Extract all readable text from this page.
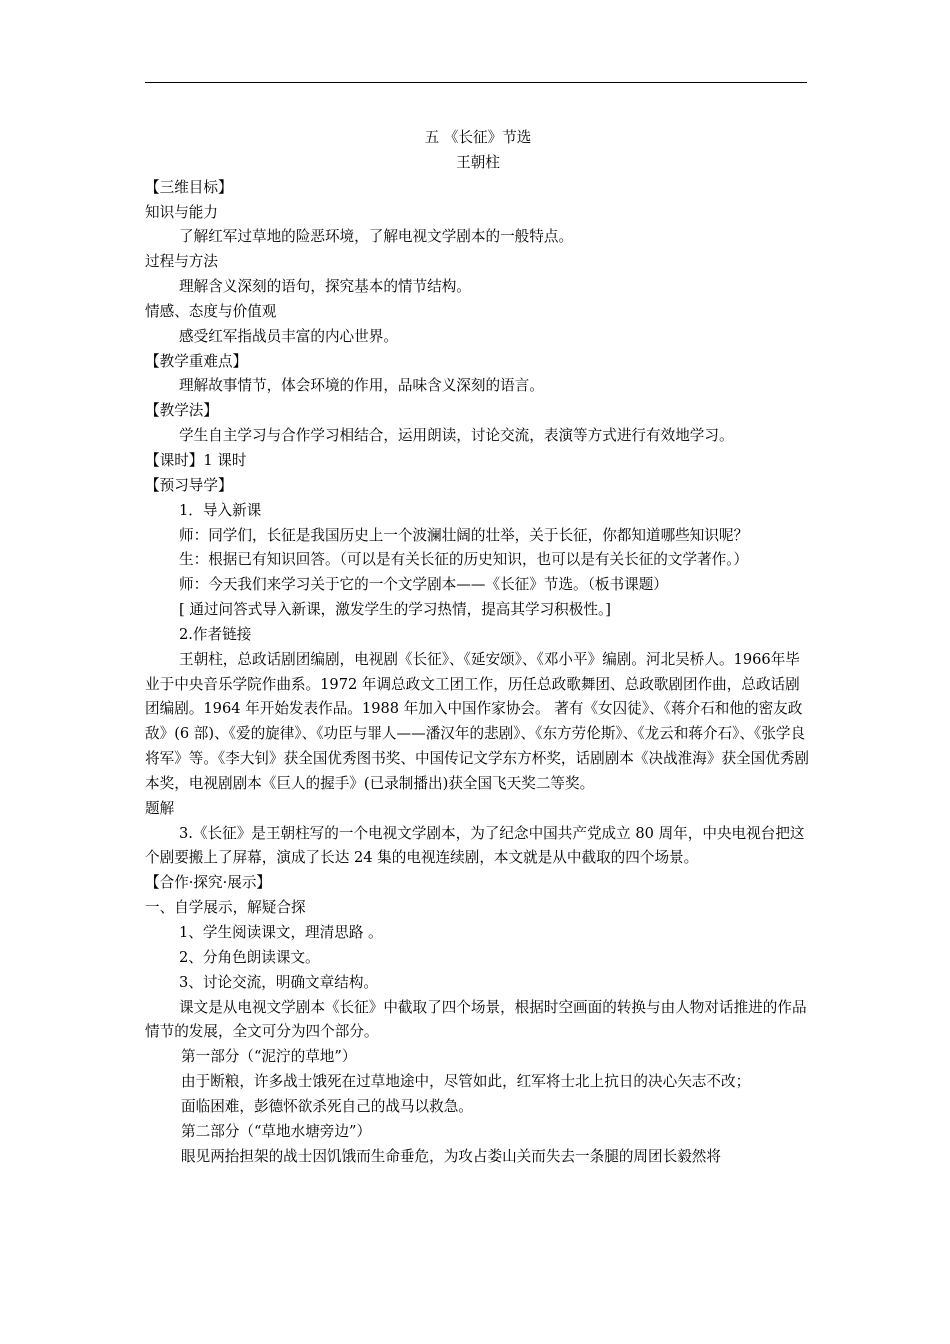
五 《长征》节选
王朝柱
【三维目标】
知识与能力
了解红军过草地的险恶环境，了解电视文学剧本的一般特点。
过程与方法
理解含义深刻的语句，探究基本的情节结构。
情感、态度与价值观
感受红军指战员丰富的内心世界。
【教学重难点】
理解故事情节，体会环境的作用，品味含义深刻的语言。
【教学法】
学生自主学习与合作学习相结合，运用朗读，讨论交流，表演等方式进行有效地学习。
【课时】1 课时
【预习导学】
1．导入新课
师：同学们，长征是我国历史上一个波澜壮阔的壮举，关于长征，你都知道哪些知识呢？
生：根据已有知识回答。（可以是有关长征的历史知识，也可以是有关长征的文学著作。）
师：今天我们来学习关于它的一个文学剧本——《长征》节选。（板书课题）
[ 通过问答式导入新课，激发学生的学习热情，提高其学习积极性。]
2.作者链接
王朝柱，总政话剧团编剧，电视剧《长征》、《延安颂》、《邓小平》编剧。河北吴桥人。1966年毕业于中央音乐学院作曲系。1972 年调总政文工团工作，历任总政歌舞团、总政歌剧团作曲，总政话剧团编剧。1964 年开始发表作品。1988 年加入中国作家协会。 著有《女囚徒》、《蒋介石和他的密友政敌》(6 部)、《爱的旋律》、《功臣与罪人——潘汉年的悲剧》、《东方劳伦斯》、《龙云和蒋介石》、《张学良将军》等。《李大钊》获全国优秀图书奖、中国传记文学东方杯奖，话剧剧本《决战淮海》获全国优秀剧本奖，电视剧剧本《巨人的握手》(已录制播出)获全国飞天奖二等奖。
题解
3.《长征》是王朝柱写的一个电视文学剧本，为了纪念中国共产党成立 80 周年，中央电视台把这个剧要搬上了屏幕，演成了长达 24 集的电视连续剧，本文就是从中截取的四个场景。
【合作·探究·展示】
一、自学展示，解疑合探
1、学生阅读课文，理清思路 。
2、分角色朗读课文。
3、讨论交流，明确文章结构。
课文是从电视文学剧本《长征》中截取了四个场景，根据时空画面的转换与由人物对话推进的作品情节的发展，全文可分为四个部分。
第一部分（“泥泞的草地”）
由于断粮，许多战士饿死在过草地途中，尽管如此，红军将士北上抗日的决心矢志不改；
面临困难，彭德怀欲杀死自己的战马以救急。
第二部分（“草地水塘旁边”）
眼见两抬担架的战士因饥饿而生命垂危，为攻占娄山关而失去一条腿的周团长毅然将
